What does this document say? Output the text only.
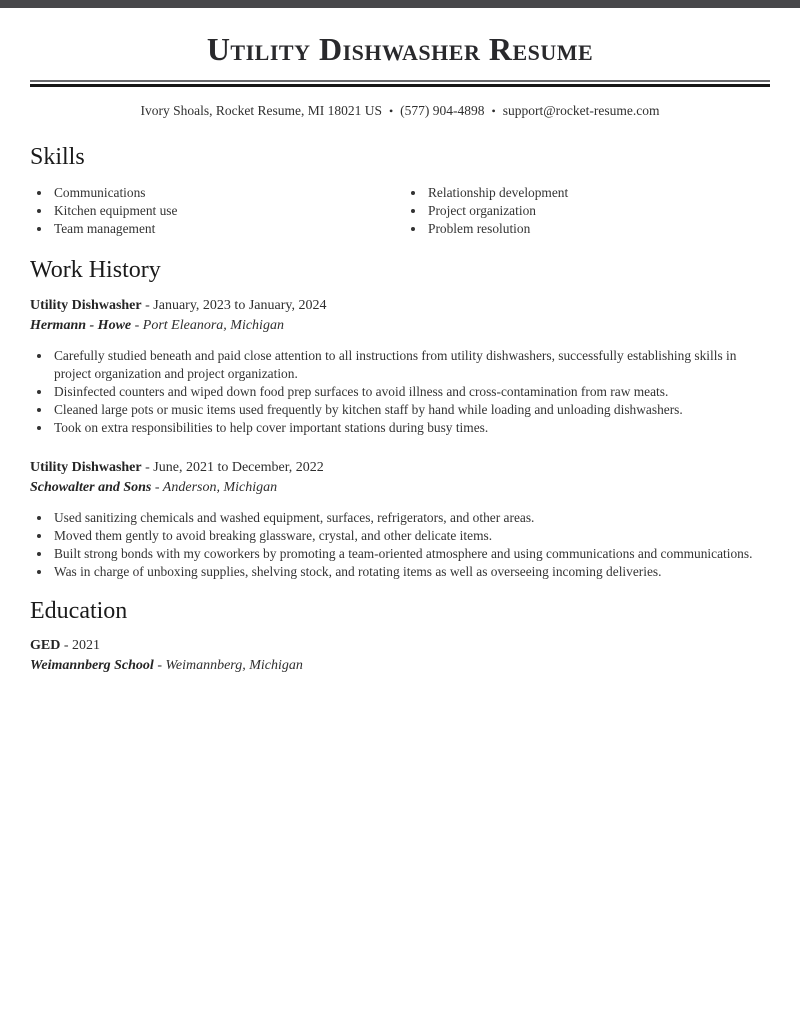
Utility Dishwasher Resume
Ivory Shoals, Rocket Resume, MI 18021 US • (577) 904-4898 • support@rocket-resume.com
Skills
• Communications
• Kitchen equipment use
• Team management
• Relationship development
• Project organization
• Problem resolution
Work History

Utility Dishwasher - January, 2023 to January, 2024

Hermann - Howe - Port Eleanora, Michigan

• Carefully studied beneath and paid close attention to all instructions from utility dishwashers, successfully establishing skills in project organization and project organization.
• Disinfected counters and wiped down food prep surfaces to avoid illness and cross-contamination from raw meats.
• Cleaned large pots or music items used frequently by kitchen staff by hand while loading and unloading dishwashers.
• Took on extra responsibilities to help cover important stations during busy times.

Utility Dishwasher - June, 2021 to December, 2022

Schowalter and Sons - Anderson, Michigan

• Used sanitizing chemicals and washed equipment, surfaces, refrigerators, and other areas.
• Moved them gently to avoid breaking glassware, crystal, and other delicate items.
• Built strong bonds with my coworkers by promoting a team-oriented atmosphere and using communications and communications.
• Was in charge of unboxing supplies, shelving stock, and rotating items as well as overseeing incoming deliveries.
Education

GED - 2021

Weimannberg School - Weimannberg, Michigan
